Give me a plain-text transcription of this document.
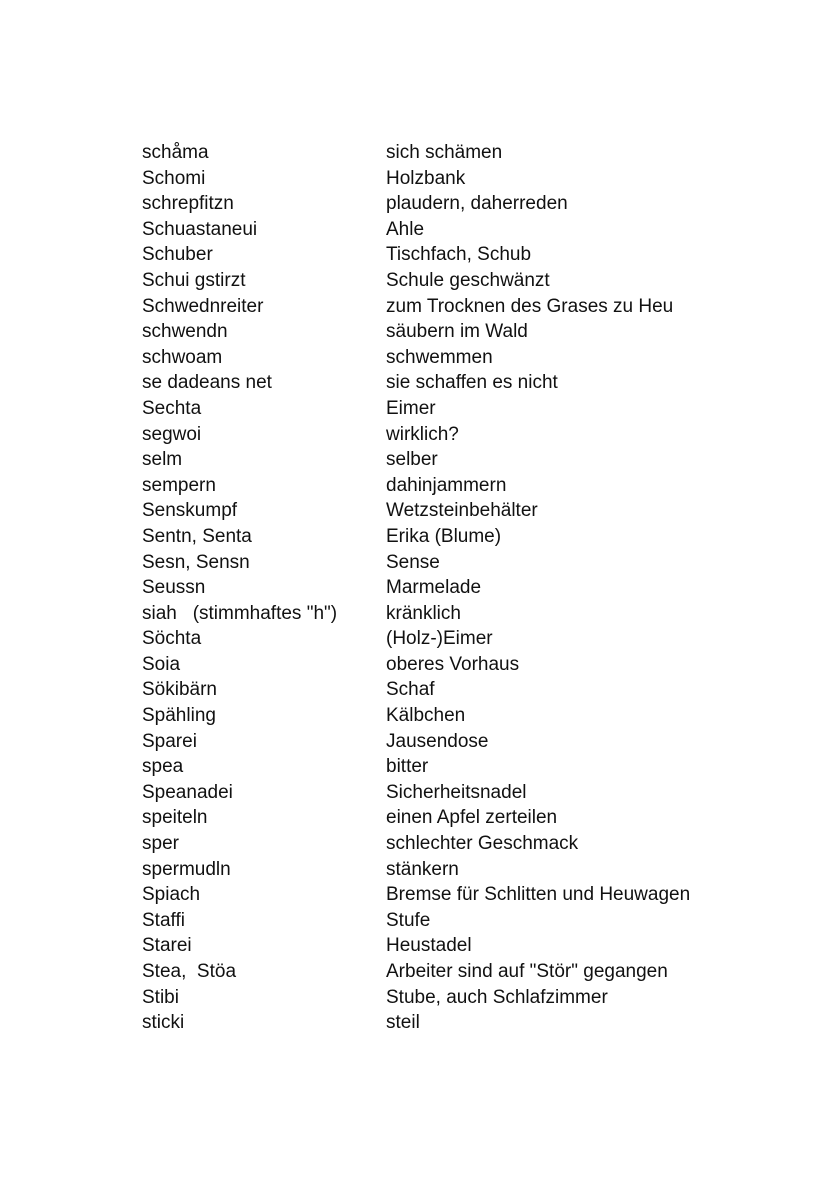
schåma	sich schämen
Schomi	Holzbank
schrepfitzn	plaudern, daherreden
Schuastaneui	Ahle
Schuber	Tischfach, Schub
Schui gstirzt	Schule geschwänzt
Schwednreiter	zum Trocknen des Grases zu Heu
schwendn	säubern im Wald
schwoam	schwemmen
se dadeans net	sie schaffen es nicht
Sechta	Eimer
segwoi	wirklich?
selm	selber
sempern	dahinjammern
Senskumpf	Wetzsteinbehälter
Sentn, Senta	Erika (Blume)
Sesn, Sensn	Sense
Seussn	Marmelade
siah   (stimmhaftes "h")	kränklich
Söchta	(Holz-)Eimer
Soia	oberes Vorhaus
Sökibärn	Schaf
Spähling	Kälbchen
Sparei	Jausendose
spea	bitter
Speanadei	Sicherheitsnadel
speiteln	einen Apfel zerteilen
sper	schlechter Geschmack
spermudln	stänkern
Spiach	Bremse für Schlitten und Heuwagen
Staffi	Stufe
Starei	Heustadel
Stea,  Stöa	Arbeiter sind auf "Stör" gegangen
Stibi	Stube, auch Schlafzimmer
sticki	steil
